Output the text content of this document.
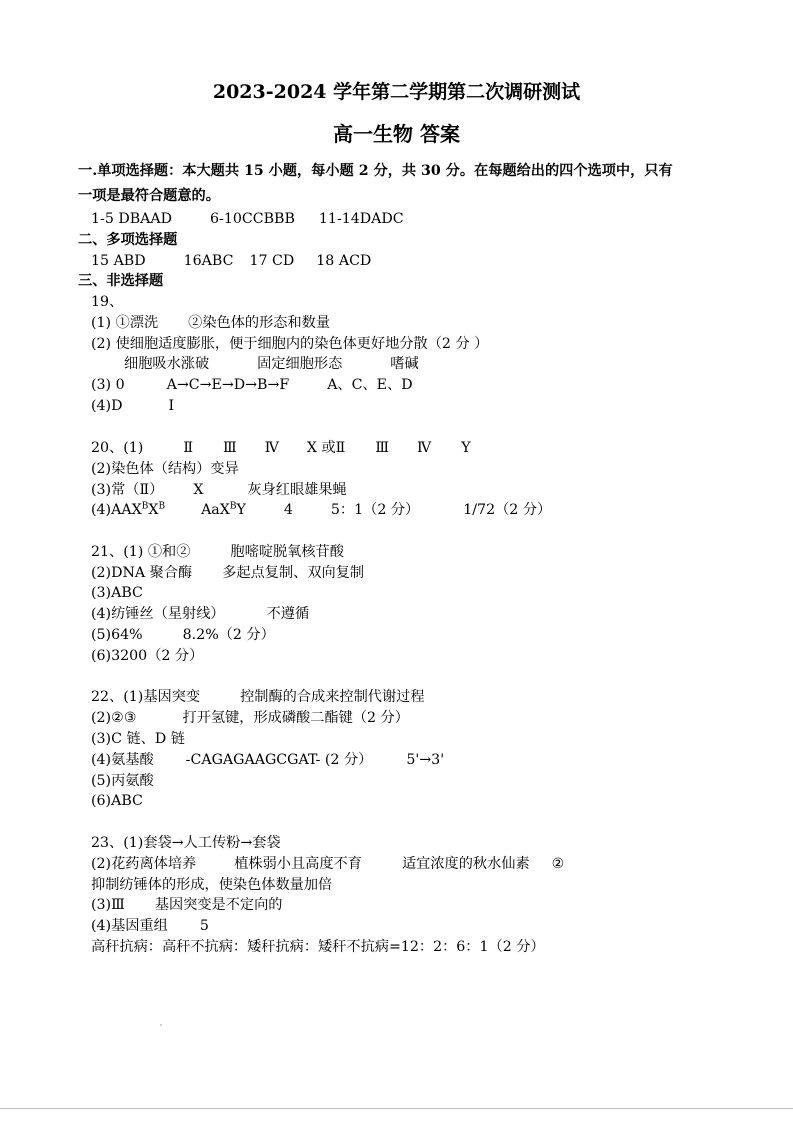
2023-2024 学年第二学期第二次调研测试
高一生物 答案
一.单项选择题：本大题共 15 小题，每小题 2 分，共 30 分。在每题给出的四个选项中，只有
一项是最符合题意的。
1-5 DBAAD	6-10CCBBB 11-14DADC
二、多项选择题
15 ABD	16ABC 17 CD 18 ACD
三、非选择题
19、
(1) ①漂洗 ②染色体的形态和数量
(2) 使细胞适度膨胀，便于细胞内的染色体更好地分散（2 分 ）
细胞吸水涨破	固定细胞形态	嗜碱
(3) 0	A→C→E→D→B→F	A、C、E、D
(4)D	I
20、(1)	Ⅱ Ⅲ Ⅳ X 或Ⅱ Ⅲ Ⅳ Y
(2)染色体（结构）变异
(3)常（Ⅱ） X	灰身红眼雄果蝇
$(4)AAX^BX^B$	AaX$^B$Y	4	5：1（2 分）	1/72（2 分）
21、(1) ①和②	胞嘧啶脱氧核苷酸
(2)DNA 聚合酶 多起点复制、双向复制
(3)ABC
(4)纺锤丝（星射线）	不遵循
(5)64%	8.2%（2 分）
(6)3200（2 分）
22、(1)基因突变	控制酶的合成来控制代谢过程
(2)②③	打开氢键，形成磷酸二酯键（2 分）
(3)C 链、D 链
(4)氨基酸 -CAGAGAAGCGAT- (2 分） 5'→3'
(5)丙氨酸
(6)ABC
23、(1)套袋→人工传粉→套袋
(2)花药离体培养	植株弱小且高度不育	适宜浓度的秋水仙素 ②
抑制纺锤体的形成，使染色体数量加倍
(3)Ⅲ 基因突变是不定向的
(4)基因重组 5
高秆抗病：高秆不抗病：矮秆抗病：矮秆不抗病=12：2：6：1（2 分）
